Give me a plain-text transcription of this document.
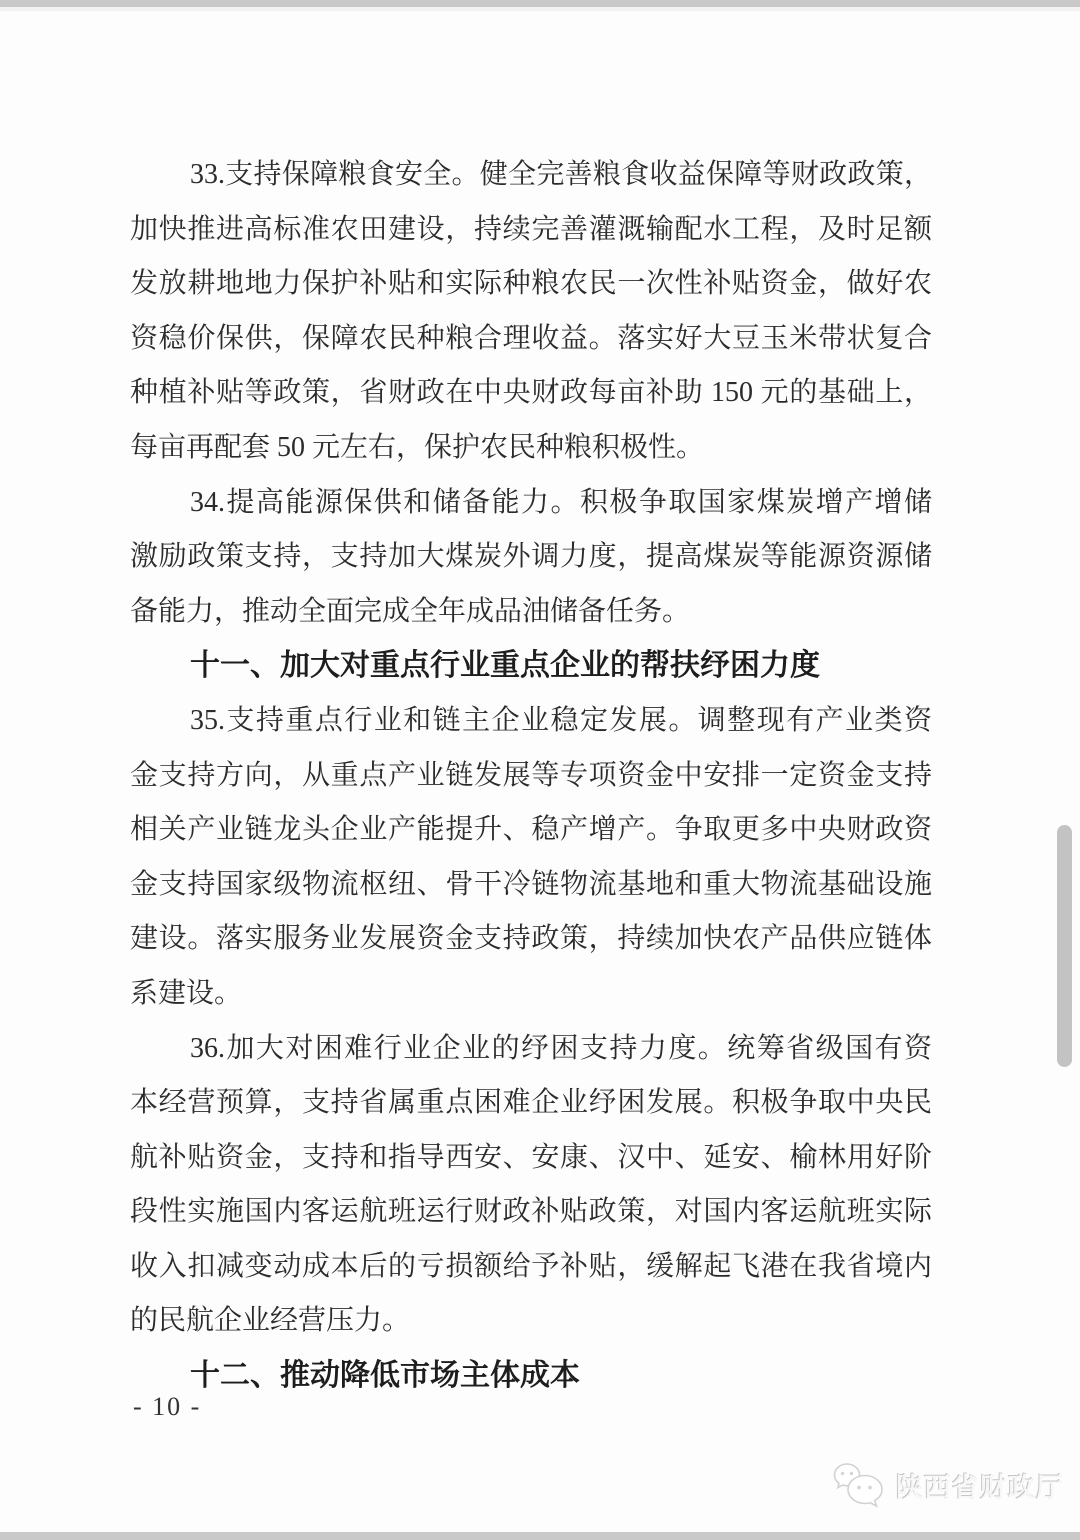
33.支持保障粮食安全。健全完善粮食收益保障等财政政策，
加快推进高标准农田建设，持续完善灌溉输配水工程，及时足额
发放耕地地力保护补贴和实际种粮农民一次性补贴资金，做好农
资稳价保供，保障农民种粮合理收益。落实好大豆玉米带状复合
种植补贴等政策，省财政在中央财政每亩补助 150 元的基础上，
每亩再配套 50 元左右，保护农民种粮积极性。
34.提高能源保供和储备能力。积极争取国家煤炭增产增储
激励政策支持，支持加大煤炭外调力度，提高煤炭等能源资源储
备能力，推动全面完成全年成品油储备任务。
十一、加大对重点行业重点企业的帮扶纾困力度
35.支持重点行业和链主企业稳定发展。调整现有产业类资
金支持方向，从重点产业链发展等专项资金中安排一定资金支持
相关产业链龙头企业产能提升、稳产增产。争取更多中央财政资
金支持国家级物流枢纽、骨干冷链物流基地和重大物流基础设施
建设。落实服务业发展资金支持政策，持续加快农产品供应链体
系建设。
36.加大对困难行业企业的纾困支持力度。统筹省级国有资
本经营预算，支持省属重点困难企业纾困发展。积极争取中央民
航补贴资金，支持和指导西安、安康、汉中、延安、榆林用好阶
段性实施国内客运航班运行财政补贴政策，对国内客运航班实际
收入扣减变动成本后的亏损额给予补贴，缓解起飞港在我省境内
的民航企业经营压力。
十二、推动降低市场主体成本
- 10 -
陕西省财政厅
